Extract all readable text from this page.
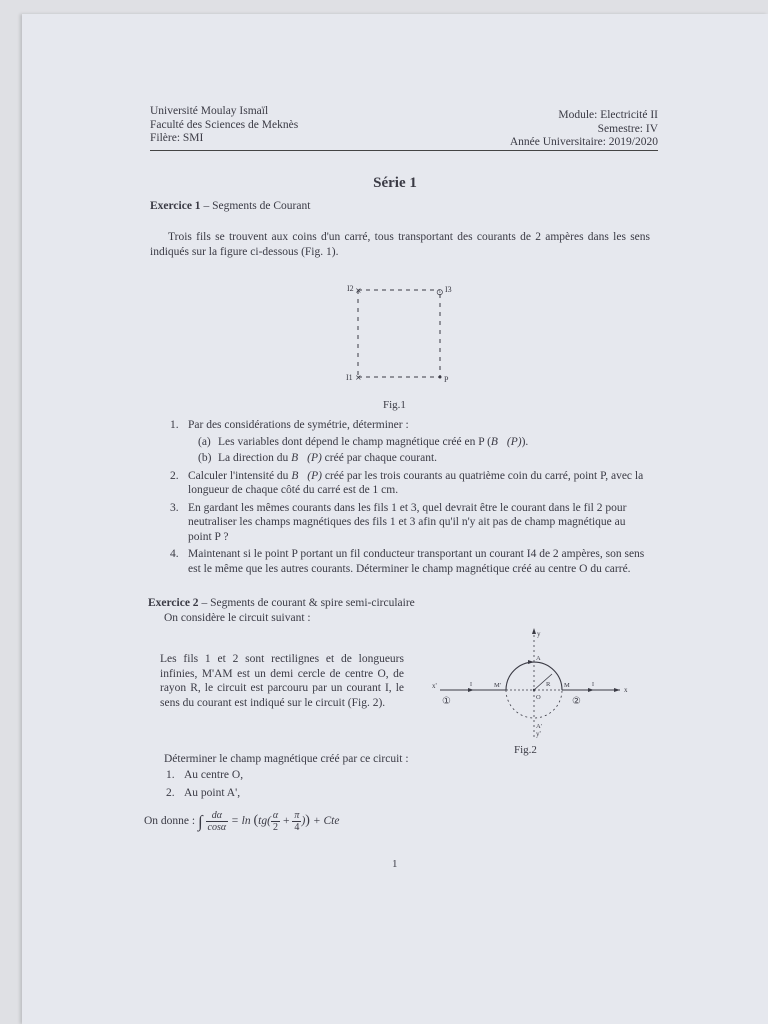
Université Moulay Ismaïl
Faculté des Sciences de Meknès
Filère: SMI
Module: Electricité II
Semestre: IV
Année Universitaire: 2019/2020
Série 1
Exercice 1 – Segments de Courant
Trois fils se trouvent aux coins d'un carré, tous transportant des courants de 2 ampères dans les sens indiqués sur la figure ci-dessous (Fig. 1).
I2 ×	⊙ I3
I1 ×	P
Fig.1
1. Par des considérations de symétrie, déterminer :
(a) Les variables dont dépend le champ magnétique créé en P (B⃗(P)).
(b) La direction du B⃗(P) créé par chaque courant.
2. Calculer l'intensité du B⃗(P) créé par les trois courants au quatrième coin du carré, point P, avec la longueur de chaque côté du carré est de 1 cm.
3. En gardant les mêmes courants dans les fils 1 et 3, quel devrait être le courant dans le fil 2 pour neutraliser les champs magnétiques des fils 1 et 3 afin qu'il n'y ait pas de champ magnétique au point P ?
4. Maintenant si le point P portant un fil conducteur transportant un courant I4 de 2 ampères, son sens est le même que les autres courants. Déterminer le champ magnétique créé au centre O du carré.
Exercice 2 – Segments de courant & spire semi-circulaire
On considère le circuit suivant :
Les fils 1 et 2 sont rectilignes et de longueurs infinies, M'AM est un demi cercle de centre O, de rayon R, le circuit est parcouru par un courant I, le sens du courant est indiqué sur le circuit (Fig. 2).
y
y'
x
x'	I	I
R
O
A
A'
M
M'
①	②
Fig.2
Déterminer le champ magnétique créé par ce circuit :
1. Au centre O,
2. Au point A',
On donne : ∫ $\frac{d\alpha}{\cos\alpha} = \ln (tg( \frac{\alpha}{2} + \frac{\pi}{4}$ )) + Cte
1
